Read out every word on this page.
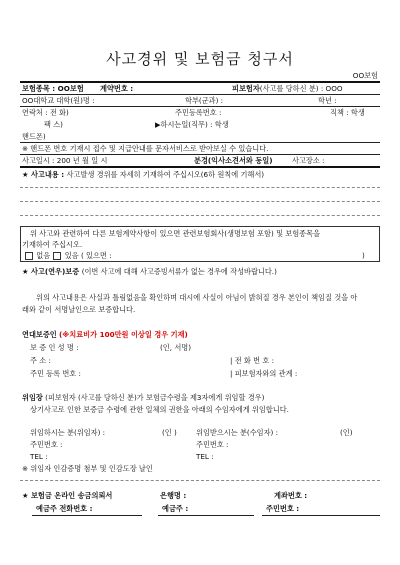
사고경위 및 보험금 청구서
OO보험
보험종목 : OO보험 계약번호 :	피보험자(사고를 당하신 분) : OOO
OO대학교 대학(원)명 :	학부(군과) :	학년 :
연락처 : 전 화)	주민등록번호 :	직책 : 학생
팩 스)	▶하시는일(직무) : 학생
핸드폰)
※ 핸드폰 번호 기재시 접수 및 지급안내를 문자서비스로 받아보실 수 있습니다.
사고일시 : 200 년 월 일 시	분경(익사소견서와 동일)	사고장소 :
★ 사고내용 : 사고발생 경위를 자세히 기재하여 주십시오(6하 원칙에 기해서)
위 사고와 관련하여 다른 보험계약사항이 있으면 관련보험회사(생명보험 포함) 및 보험종목을
기재하여 주십시오.
없음 있음 ( 있으면 :	)
★ 사고(연우)보증 (이번 사고에 대해 사고증빙서류가 없는 경우에 작성바랍니다.)
위의 사고내용은 사실과 틀림없음을 확인하며 대시에 사실이 아님이 밝혀질 경우 본인이 책임질 것을 아
래와 같이 서명날인으로 보증합니다.
연대보증인 (※치료비가 100만원 이상일 경우 기재)
보 증 인 성 명 :	(인, 서명)
주 소 :	| 전 화 번 호 :
주민 등록 번호 :	| 피보험자와의 관계 :
위임장 (피보험자 (사고를 당하신 분)가 보험금수령을 제3자에게 위임할 경우)
상기사고로 인한 보증금 수령에 관한 일체의 권한을 아래의 수임자에게 위임합니다.
위임하시는 분(위임자) :	(인 )	위임받으시는 분(수임자) :	(인)
주민번호 :	주민번호 :
TEL :	TEL :
※ 위임자 인감증명 첨부 및 인감도장 날인
★ 보험금 온라인 송금의뢰서	은행명 :	계좌번호 :
예금주 전화번호 :	예금주 :	주민번호 :
